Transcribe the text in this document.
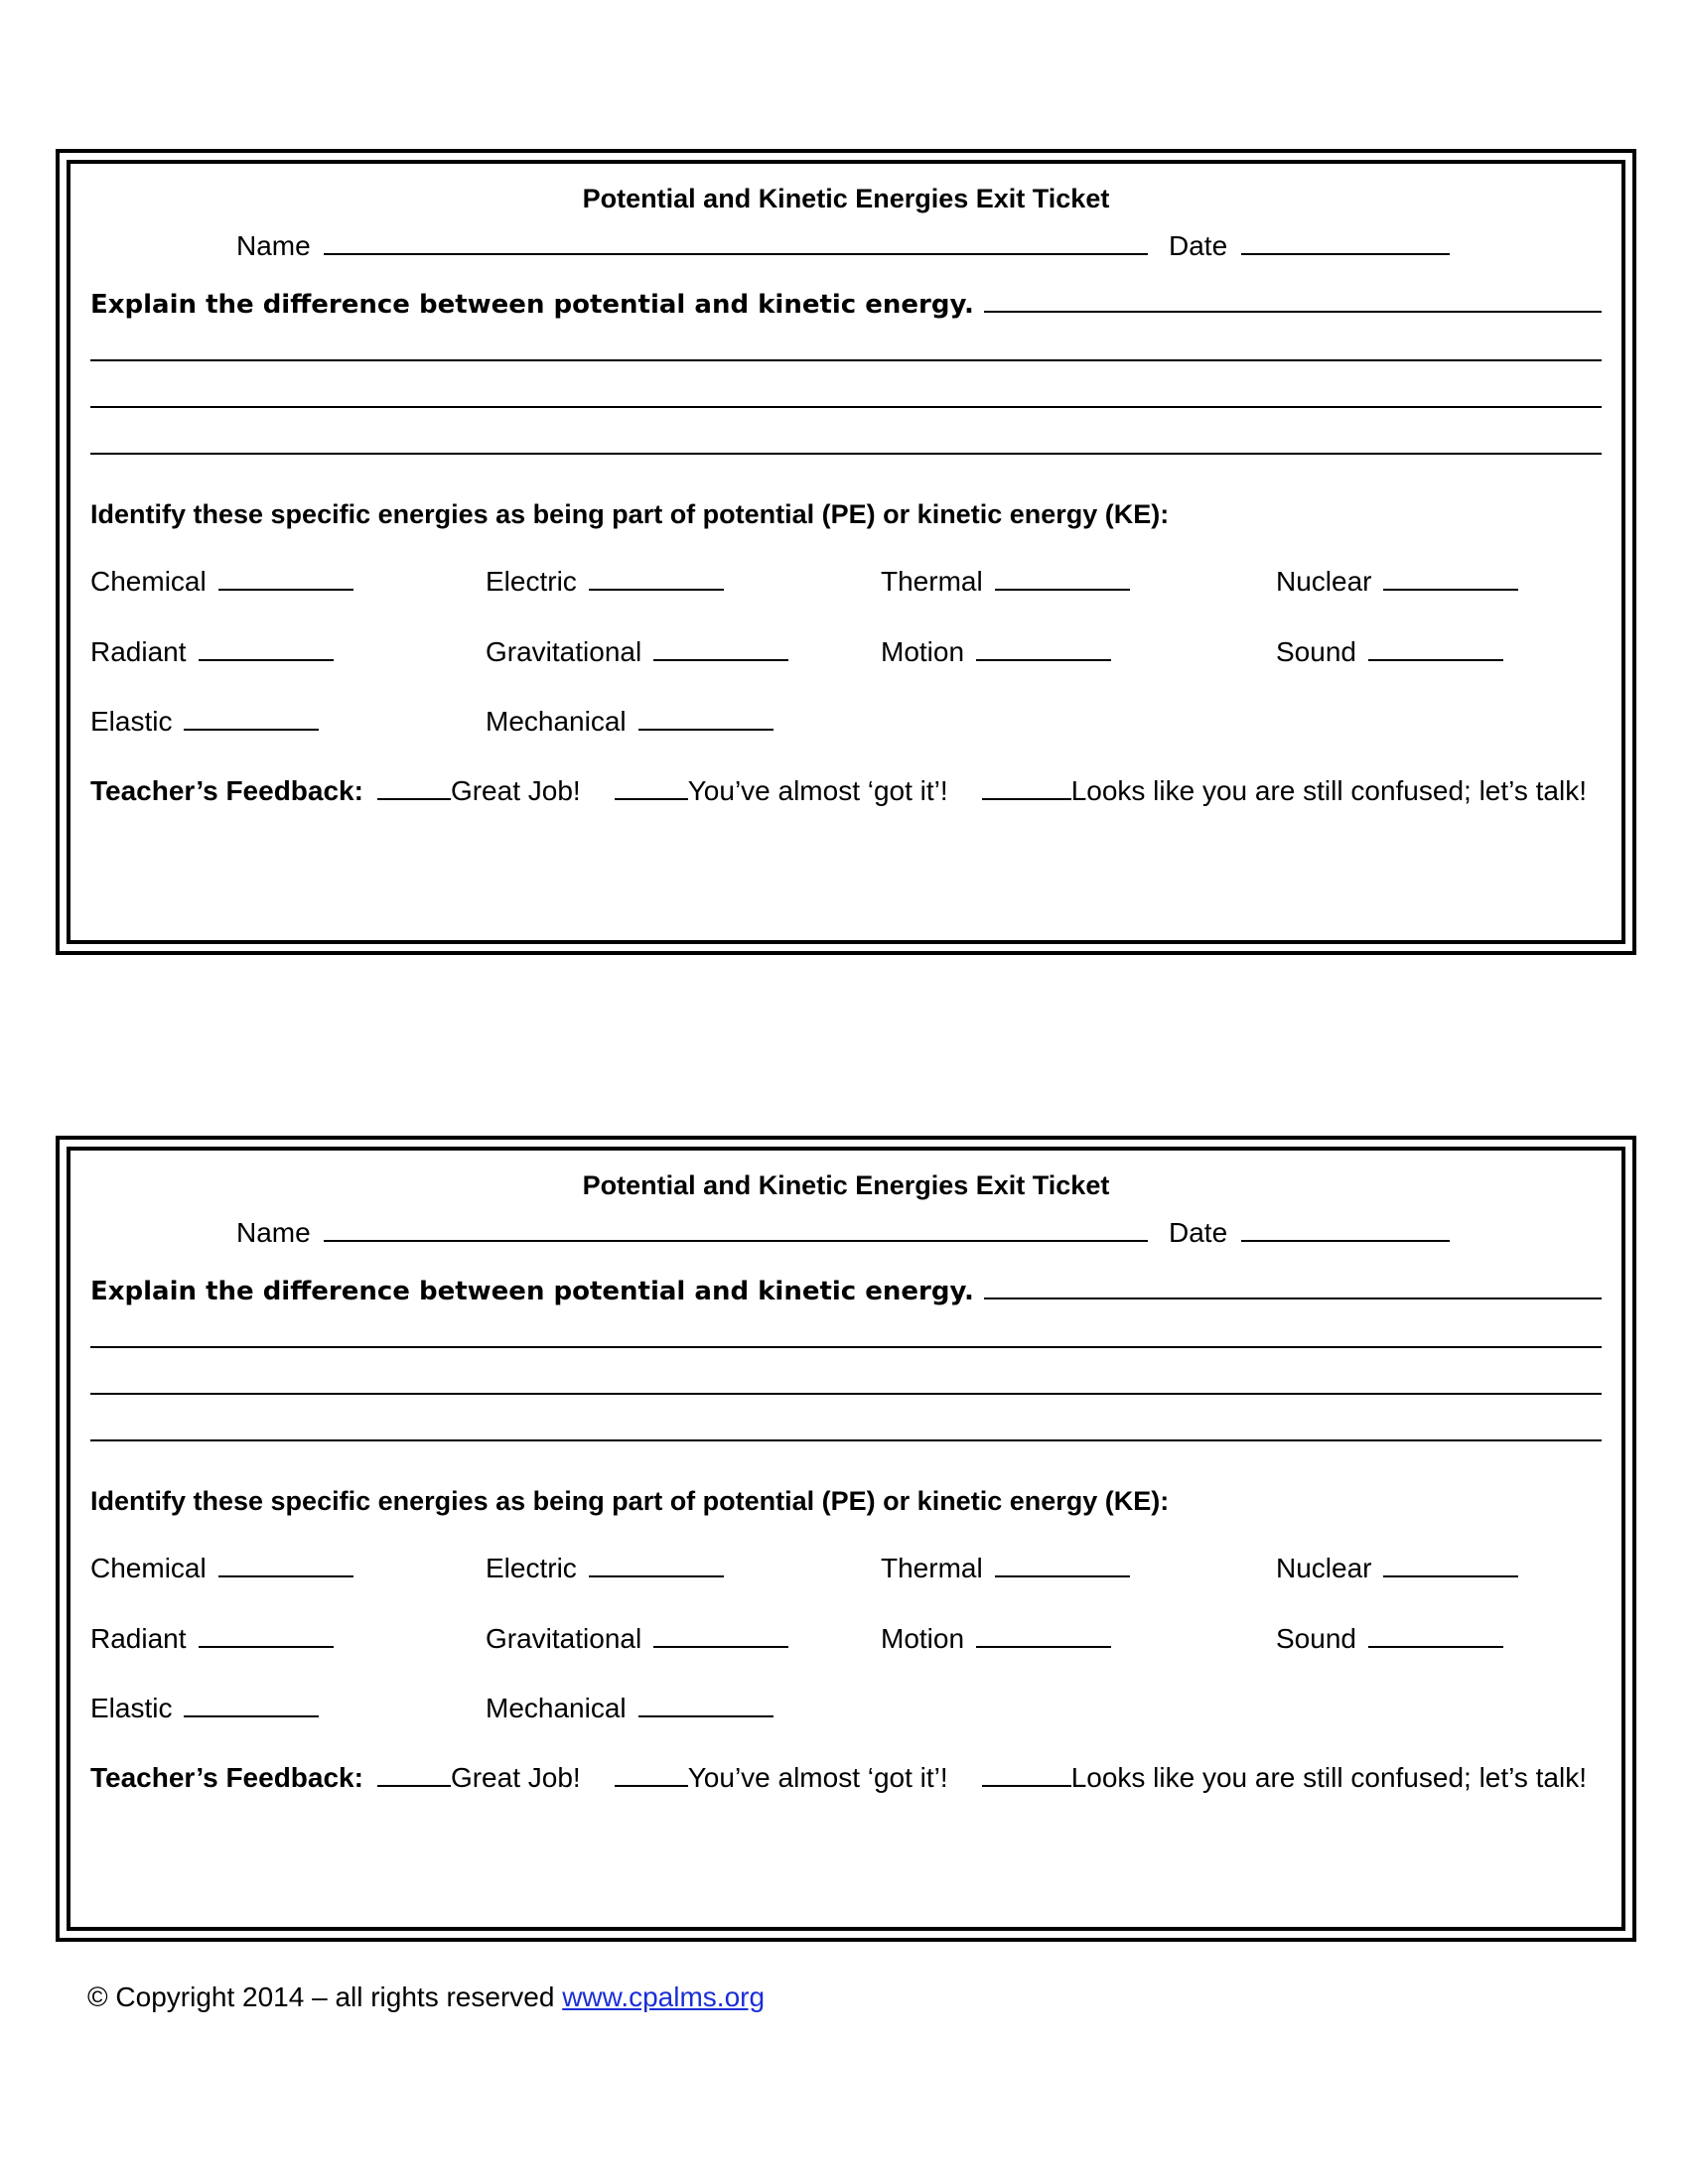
Potential and Kinetic Energies Exit Ticket
Name	Date
Explain the difference between potential and kinetic energy.
Identify these specific energies as being part of potential (PE) or kinetic energy (KE):
Chemical	Electric	Thermal	Nuclear
Radiant	Gravitational	Motion	Sound
Elastic	Mechanical
Teacher’s Feedback:	Great Job!	You’ve almost ‘got it’!	Looks like you are still confused; let’s talk!
Potential and Kinetic Energies Exit Ticket
Name	Date
Explain the difference between potential and kinetic energy.
Identify these specific energies as being part of potential (PE) or kinetic energy (KE):
Chemical	Electric	Thermal	Nuclear
Radiant	Gravitational	Motion	Sound
Elastic	Mechanical
Teacher’s Feedback:	Great Job!	You’ve almost ‘got it’!	Looks like you are still confused; let’s talk!
© Copyright 2014 – all rights reserved www.cpalms.org
